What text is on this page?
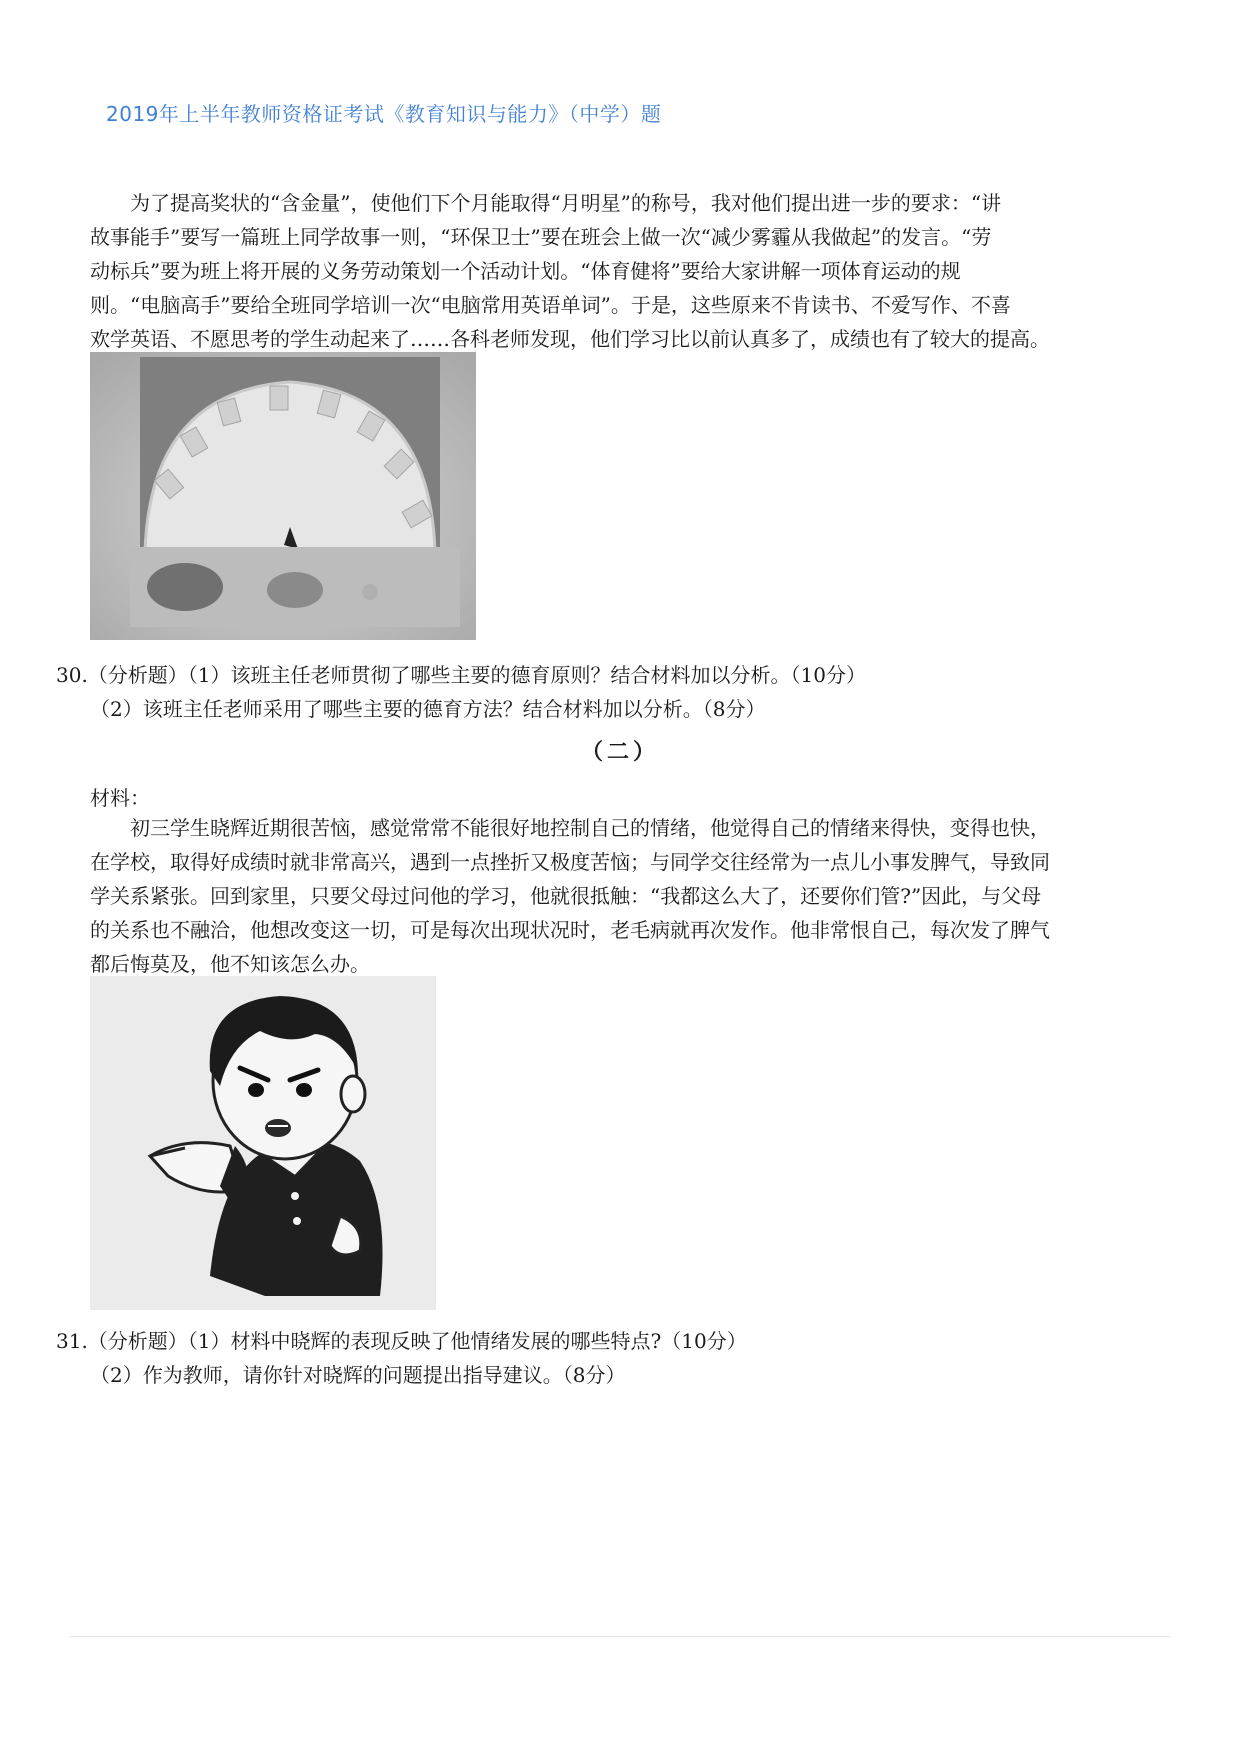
2019年上半年教师资格证考试《教育知识与能力》（中学）题
为了提高奖状的“含金量”，使他们下个月能取得“月明星”的称号，我对他们提出进一步的要求：“讲
故事能手”要写一篇班上同学故事一则，“环保卫士”要在班会上做一次“减少雾霾从我做起”的发言。“劳
动标兵”要为班上将开展的义务劳动策划一个活动计划。“体育健将”要给大家讲解一项体育运动的规
则。“电脑高手”要给全班同学培训一次“电脑常用英语单词”。于是，这些原来不肯读书、不爱写作、不喜
欢学英语、不愿思考的学生动起来了……各科老师发现，他们学习比以前认真多了，成绩也有了较大的提高。
30.（分析题）（1）该班主任老师贯彻了哪些主要的德育原则？结合材料加以分析。（10分）
（2）该班主任老师采用了哪些主要的德育方法？结合材料加以分析。（8分）
（二）
材料：
初三学生晓辉近期很苦恼，感觉常常不能很好地控制自己的情绪，他觉得自己的情绪来得快，变得也快，
在学校，取得好成绩时就非常高兴，遇到一点挫折又极度苦恼；与同学交往经常为一点儿小事发脾气，导致同
学关系紧张。回到家里，只要父母过问他的学习，他就很抵触：“我都这么大了，还要你们管?”因此，与父母
的关系也不融洽，他想改变这一切，可是每次出现状况时，老毛病就再次发作。他非常恨自己，每次发了脾气
都后悔莫及，他不知该怎么办。
31.（分析题）（1）材料中晓辉的表现反映了他情绪发展的哪些特点?（10分）
（2）作为教师，请你针对晓辉的问题提出指导建议。（8分）
